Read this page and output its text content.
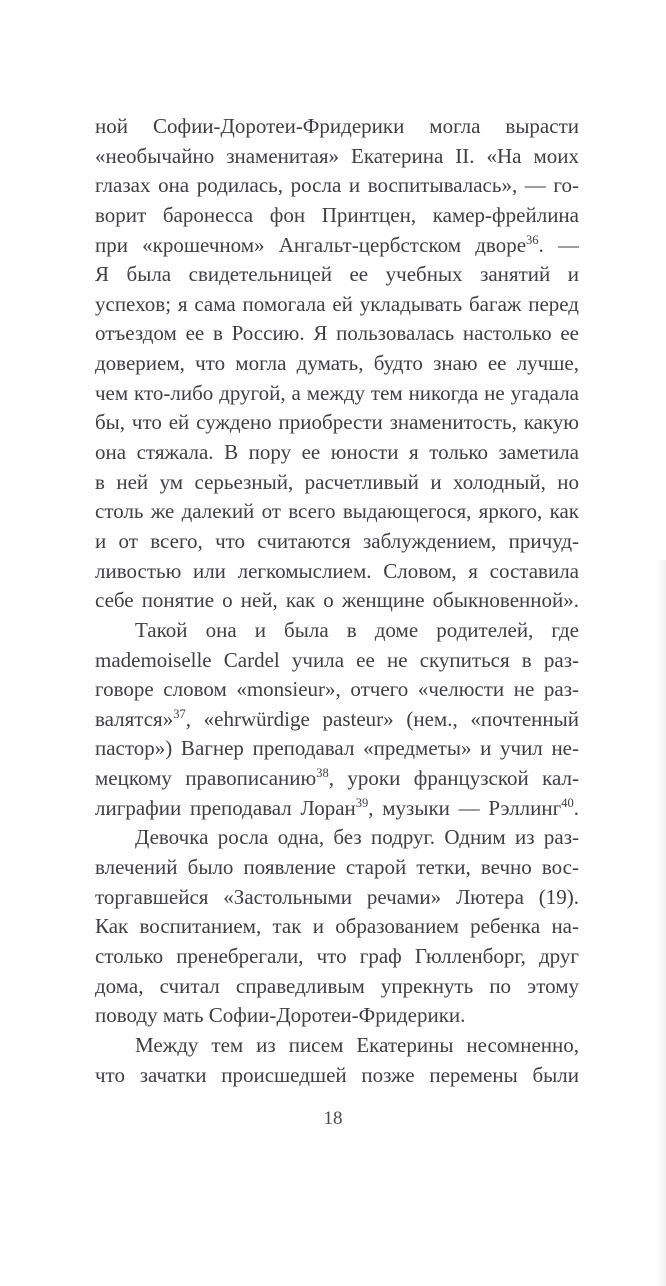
ной Софии-Доротеи-Фридерики могла вырасти
«необычайно знаменитая» Екатерина II. «На моих
глазах она родилась, росла и воспитывалась», — го-
ворит баронесса фон Принтцен, камер-фрейлина
при «крошечном» Ангальт-цербстском дворе$^{36}$. —
Я была свидетельницей ее учебных занятий и
успехов; я сама помогала ей укладывать багаж перед
отъездом ее в Россию. Я пользовалась настолько ее
доверием, что могла думать, будто знаю ее лучше,
чем кто-либо другой, а между тем никогда не угадала
бы, что ей суждено приобрести знаменитость, какую
она стяжала. В пору ее юности я только заметила
в ней ум серьезный, расчетливый и холодный, но
столь же далекий от всего выдающегося, яркого, как
и от всего, что считаются заблуждением, причуд-
ливостью или легкомыслием. Словом, я составила
себе понятие о ней, как о женщине обыкновенной».
Такой она и была в доме родителей, где
mademoiselle Cardel учила ее не скупиться в раз-
говоре словом «monsieur», отчего «челюсти не раз-
валятся»$^{37}$, «ehrwürdige pasteur» (нем., «почтенный
пастор») Вагнер преподавал «предметы» и учил не-
мецкому правописанию$^{38}$, уроки французской кал-
лиграфии преподавал Лоран$^{39}$, музыки — Рэллинг$^{40}$.
Девочка росла одна, без подруг. Одним из раз-
влечений было появление старой тетки, вечно вос-
торгавшейся «Застольными речами» Лютера (19).
Как воспитанием, так и образованием ребенка на-
столько пренебрегали, что граф Гюлленборг, друг
дома, считал справедливым упрекнуть по этому
поводу мать Софии-Доротеи-Фридерики.
Между тем из писем Екатерины несомненно,
что зачатки происшедшей позже перемены были
18
